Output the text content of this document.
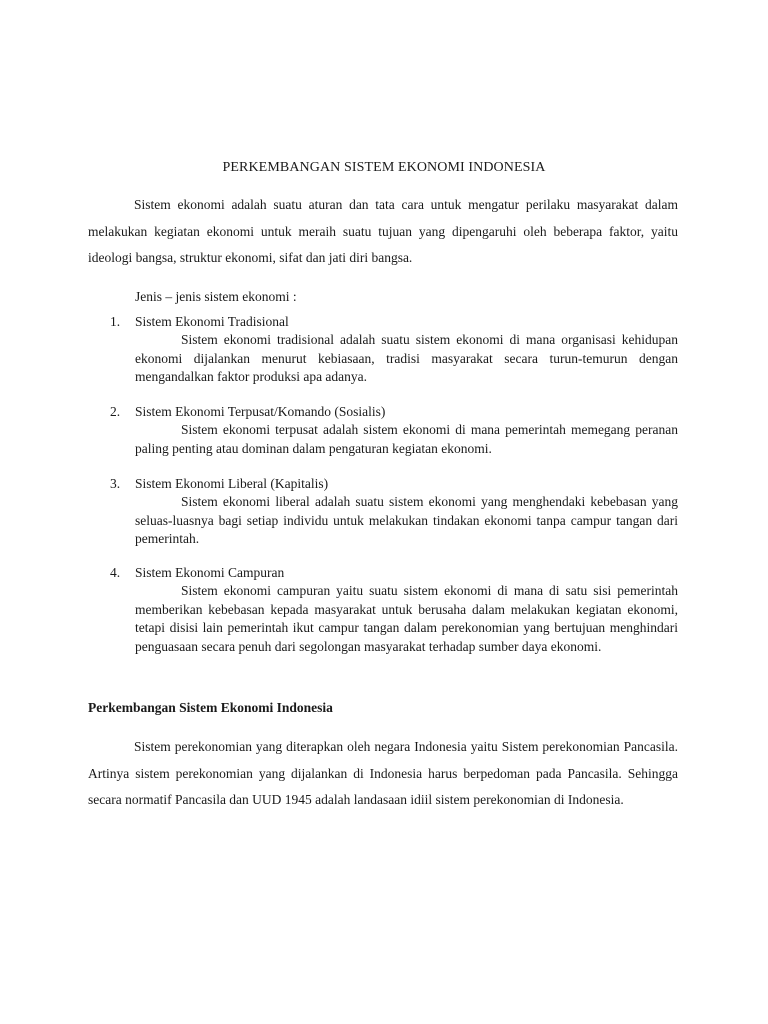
PERKEMBANGAN SISTEM EKONOMI INDONESIA

Sistem ekonomi adalah suatu aturan dan tata cara untuk mengatur perilaku masyarakat dalam melakukan kegiatan ekonomi untuk meraih suatu tujuan yang dipengaruhi oleh beberapa faktor, yaitu ideologi bangsa, struktur ekonomi, sifat dan jati diri bangsa.

Jenis – jenis sistem ekonomi :

1. Sistem Ekonomi Tradisional

Sistem ekonomi tradisional adalah suatu sistem ekonomi di mana organisasi kehidupan ekonomi dijalankan menurut kebiasaan, tradisi masyarakat secara turun-temurun dengan mengandalkan faktor produksi apa adanya.

2. Sistem Ekonomi Terpusat/Komando (Sosialis)

Sistem ekonomi terpusat adalah sistem ekonomi di mana pemerintah memegang peranan paling penting atau dominan dalam pengaturan kegiatan ekonomi.

3. Sistem Ekonomi Liberal (Kapitalis)

Sistem ekonomi liberal adalah suatu sistem ekonomi yang menghendaki kebebasan yang seluas-luasnya bagi setiap individu untuk melakukan tindakan ekonomi tanpa campur tangan dari pemerintah.

4. Sistem Ekonomi Campuran

Sistem ekonomi campuran yaitu suatu sistem ekonomi di mana di satu sisi pemerintah memberikan kebebasan kepada masyarakat untuk berusaha dalam melakukan kegiatan ekonomi, tetapi disisi lain pemerintah ikut campur tangan dalam perekonomian yang bertujuan menghindari penguasaan secara penuh dari segolongan masyarakat terhadap sumber daya ekonomi.

Perkembangan Sistem Ekonomi Indonesia

Sistem perekonomian yang diterapkan oleh negara Indonesia yaitu Sistem perekonomian Pancasila. Artinya sistem perekonomian yang dijalankan di Indonesia harus berpedoman pada Pancasila. Sehingga secara normatif Pancasila dan UUD 1945 adalah landasaan idiil sistem perekonomian di Indonesia.
